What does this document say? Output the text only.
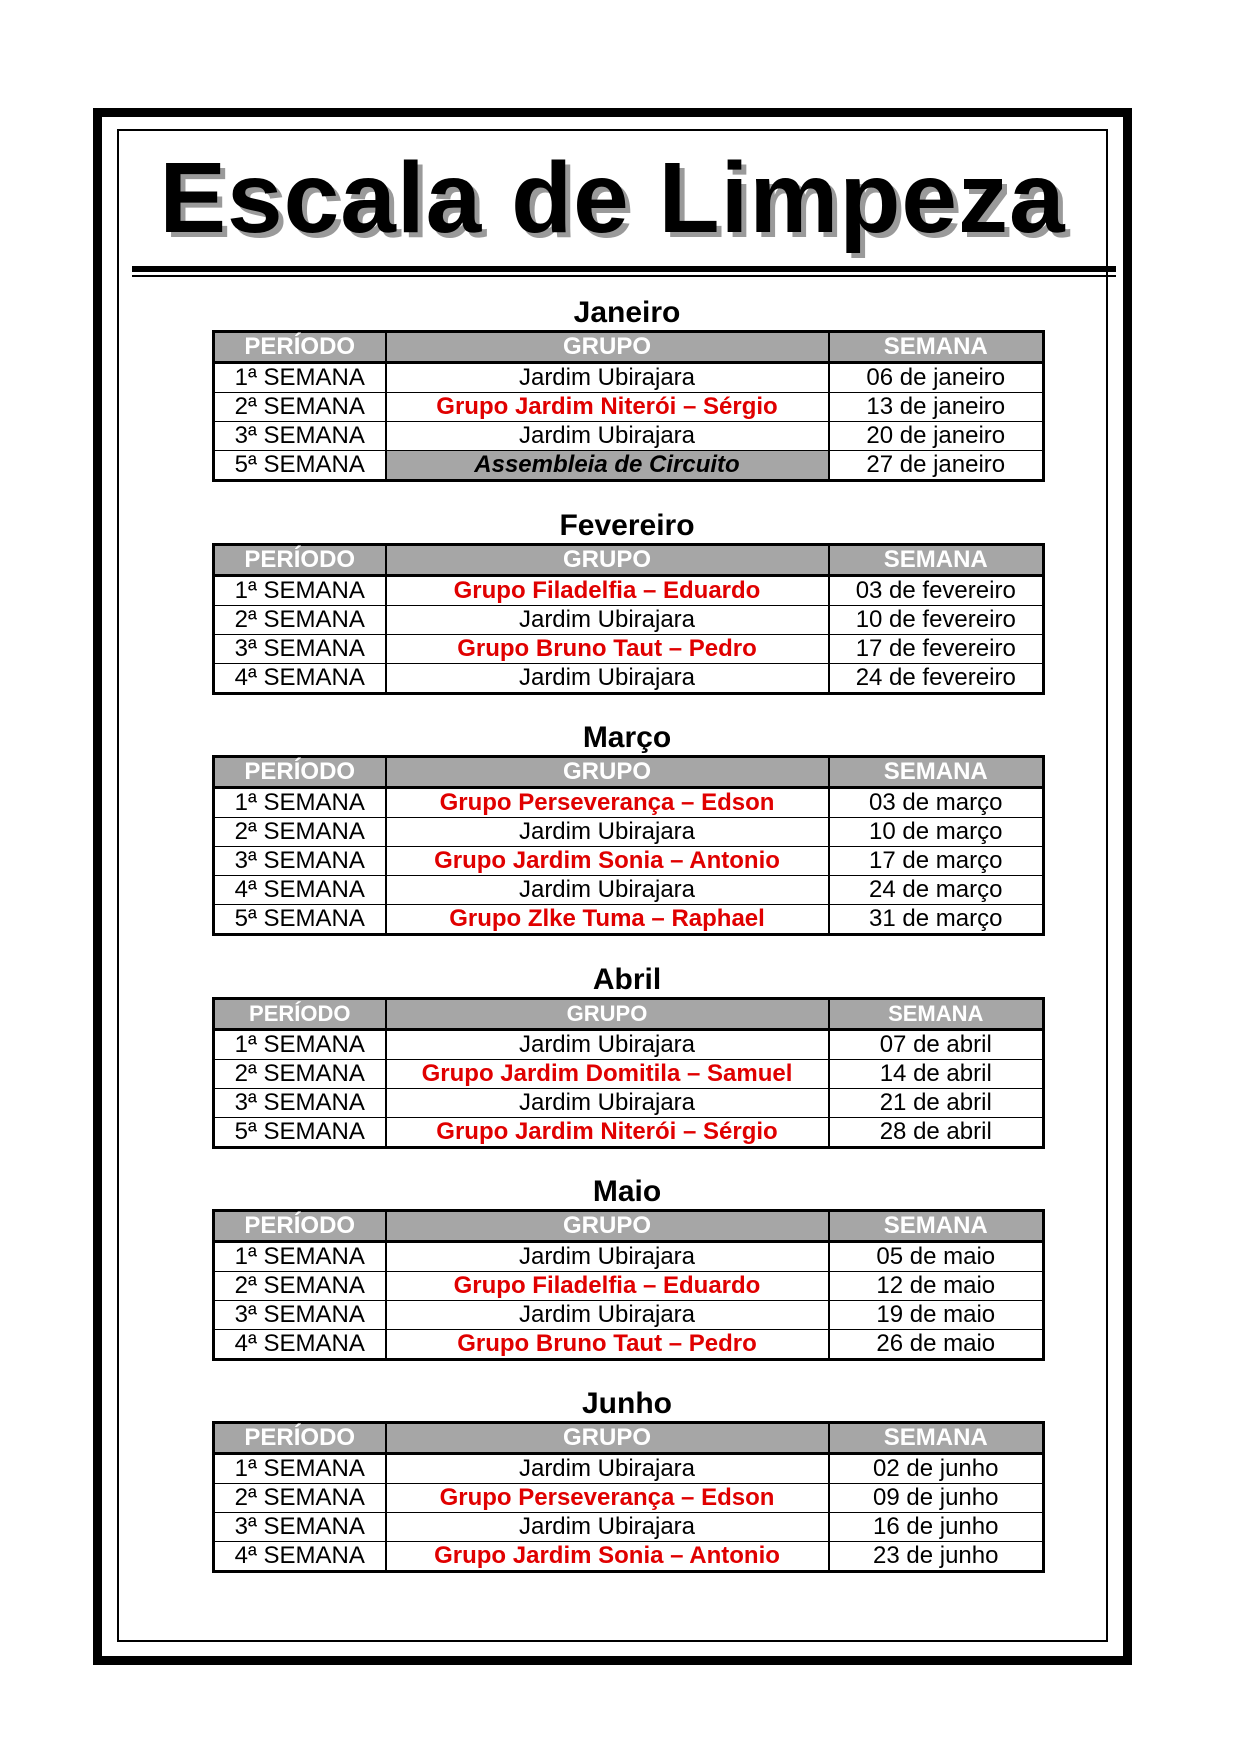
Escala de Limpeza
Janeiro
PERÍODO	GRUPO	SEMANA
1ª SEMANA	Jardim Ubirajara	06 de janeiro
2ª SEMANA	Grupo Jardim Niterói – Sérgio	13 de janeiro
3ª SEMANA	Jardim Ubirajara	20 de janeiro
5ª SEMANA	Assembleia de Circuito	27 de janeiro
Fevereiro
PERÍODO	GRUPO	SEMANA
1ª SEMANA	Grupo Filadelfia – Eduardo	03 de fevereiro
2ª SEMANA	Jardim Ubirajara	10 de fevereiro
3ª SEMANA	Grupo Bruno Taut – Pedro	17 de fevereiro
4ª SEMANA	Jardim Ubirajara	24 de fevereiro
Março
PERÍODO	GRUPO	SEMANA
1ª SEMANA	Grupo Perseverança – Edson	03 de março
2ª SEMANA	Jardim Ubirajara	10 de março
3ª SEMANA	Grupo Jardim Sonia – Antonio	17 de março
4ª SEMANA	Jardim Ubirajara	24 de março
5ª SEMANA	Grupo Zlke Tuma – Raphael	31 de março
Abril
PERÍODO	GRUPO	SEMANA
1ª SEMANA	Jardim Ubirajara	07 de abril
2ª SEMANA	Grupo Jardim Domitila – Samuel	14 de abril
3ª SEMANA	Jardim Ubirajara	21 de abril
5ª SEMANA	Grupo Jardim Niterói – Sérgio	28 de abril
Maio
PERÍODO	GRUPO	SEMANA
1ª SEMANA	Jardim Ubirajara	05 de maio
2ª SEMANA	Grupo Filadelfia – Eduardo	12 de maio
3ª SEMANA	Jardim Ubirajara	19 de maio
4ª SEMANA	Grupo Bruno Taut – Pedro	26 de maio
Junho
PERÍODO	GRUPO	SEMANA
1ª SEMANA	Jardim Ubirajara	02 de junho
2ª SEMANA	Grupo Perseverança – Edson	09 de junho
3ª SEMANA	Jardim Ubirajara	16 de junho
4ª SEMANA	Grupo Jardim Sonia – Antonio	23 de junho
